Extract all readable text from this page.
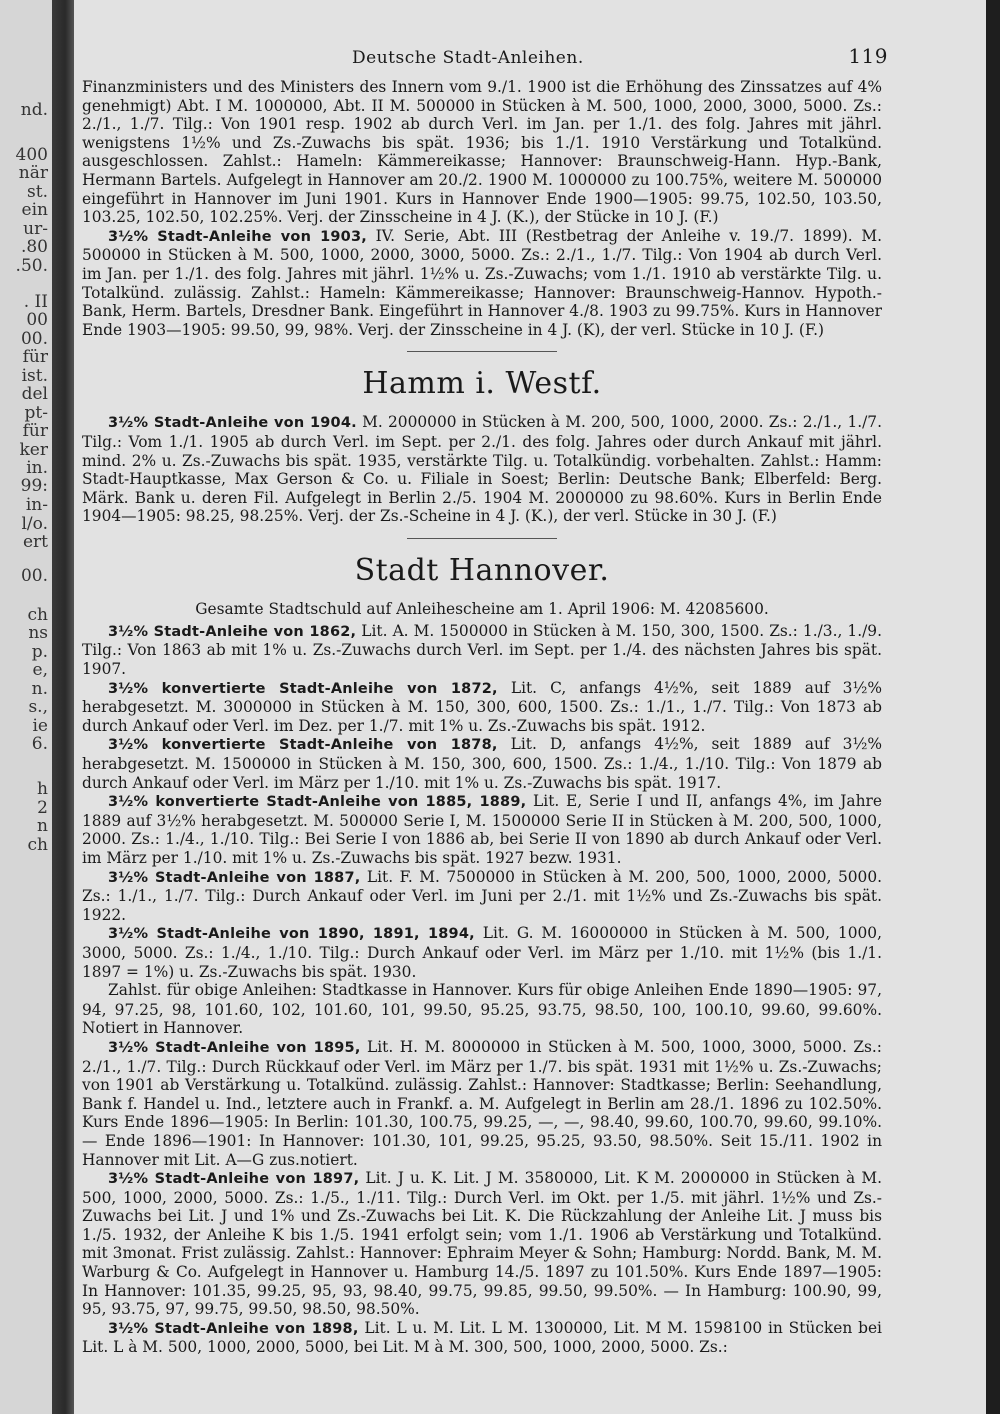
nd.
400
när
st.
ein
ur-
.80
.50.
. II
00
00.
für
ist.
del
pt-
für
ker
in.
99:
in-
l/o.
ert
00.
ch
ns
p.
e,
n.
s.,
ie
6.
h
2
n
ch
Deutsche Stadt-Anleihen.	119

Finanzministers und des Ministers des Innern vom 9./1. 1900 ist die Erhöhung des Zinssatzes auf 4% genehmigt) Abt. I M. 1000000, Abt. II M. 500000 in Stücken à M. 500, 1000, 2000, 3000, 5000. Zs.: 2./1., 1./7. Tilg.: Von 1901 resp. 1902 ab durch Verl. im Jan. per 1./1. des folg. Jahres mit jährl. wenigstens 1½% und Zs.-Zuwachs bis spät. 1936; bis 1./1. 1910 Verstärkung und Totalkünd. ausgeschlossen. Zahlst.: Hameln: Kämmereikasse; Hannover: Braunschweig-Hann. Hyp.-Bank, Hermann Bartels. Aufgelegt in Hannover am 20./2. 1900 M. 1000000 zu 100.75%, weitere M. 500000 eingeführt in Hannover im Juni 1901. Kurs in Hannover Ende 1900—1905: 99.75, 102.50, 103.50, 103.25, 102.50, 102.25%. Verj. der Zinsscheine in 4 J. (K.), der Stücke in 10 J. (F.)

3½% Stadt-Anleihe von 1903, IV. Serie, Abt. III (Restbetrag der Anleihe v. 19./7. 1899). M. 500000 in Stücken à M. 500, 1000, 2000, 3000, 5000. Zs.: 2./1., 1./7. Tilg.: Von 1904 ab durch Verl. im Jan. per 1./1. des folg. Jahres mit jährl. 1½% u. Zs.-Zuwachs; vom 1./1. 1910 ab verstärkte Tilg. u. Totalkünd. zulässig. Zahlst.: Hameln: Kämmereikasse; Hannover: Braunschweig-Hannov. Hypoth.-Bank, Herm. Bartels, Dresdner Bank. Eingeführt in Hannover 4./8. 1903 zu 99.75%. Kurs in Hannover Ende 1903—1905: 99.50, 99, 98%. Verj. der Zinsscheine in 4 J. (K), der verl. Stücke in 10 J. (F.)

Hamm i. Westf.

3½% Stadt-Anleihe von 1904. M. 2000000 in Stücken à M. 200, 500, 1000, 2000. Zs.: 2./1., 1./7. Tilg.: Vom 1./1. 1905 ab durch Verl. im Sept. per 2./1. des folg. Jahres oder durch Ankauf mit jährl. mind. 2% u. Zs.-Zuwachs bis spät. 1935, verstärkte Tilg. u. Totalkündig. vorbehalten. Zahlst.: Hamm: Stadt-Hauptkasse, Max Gerson & Co. u. Filiale in Soest; Berlin: Deutsche Bank; Elberfeld: Berg. Märk. Bank u. deren Fil. Aufgelegt in Berlin 2./5. 1904 M. 2000000 zu 98.60%. Kurs in Berlin Ende 1904—1905: 98.25, 98.25%. Verj. der Zs.-Scheine in 4 J. (K.), der verl. Stücke in 30 J. (F.)

Stadt Hannover.
Gesamte Stadtschuld auf Anleihescheine am 1. April 1906: M. 42085600.

3½% Stadt-Anleihe von 1862, Lit. A. M. 1500000 in Stücken à M. 150, 300, 1500. Zs.: 1./3., 1./9. Tilg.: Von 1863 ab mit 1% u. Zs.-Zuwachs durch Verl. im Sept. per 1./4. des nächsten Jahres bis spät. 1907.

3½% konvertierte Stadt-Anleihe von 1872, Lit. C, anfangs 4½%, seit 1889 auf 3½% herabgesetzt. M. 3000000 in Stücken à M. 150, 300, 600, 1500. Zs.: 1./1., 1./7. Tilg.: Von 1873 ab durch Ankauf oder Verl. im Dez. per 1./7. mit 1% u. Zs.-Zuwachs bis spät. 1912.

3½% konvertierte Stadt-Anleihe von 1878, Lit. D, anfangs 4½%, seit 1889 auf 3½% herabgesetzt. M. 1500000 in Stücken à M. 150, 300, 600, 1500. Zs.: 1./4., 1./10. Tilg.: Von 1879 ab durch Ankauf oder Verl. im März per 1./10. mit 1% u. Zs.-Zuwachs bis spät. 1917.

3½% konvertierte Stadt-Anleihe von 1885, 1889, Lit. E, Serie I und II, anfangs 4%, im Jahre 1889 auf 3½% herabgesetzt. M. 500000 Serie I, M. 1500000 Serie II in Stücken à M. 200, 500, 1000, 2000. Zs.: 1./4., 1./10. Tilg.: Bei Serie I von 1886 ab, bei Serie II von 1890 ab durch Ankauf oder Verl. im März per 1./10. mit 1% u. Zs.-Zuwachs bis spät. 1927 bezw. 1931.

3½% Stadt-Anleihe von 1887, Lit. F. M. 7500000 in Stücken à M. 200, 500, 1000, 2000, 5000. Zs.: 1./1., 1./7. Tilg.: Durch Ankauf oder Verl. im Juni per 2./1. mit 1½% und Zs.-Zuwachs bis spät. 1922.

3½% Stadt-Anleihe von 1890, 1891, 1894, Lit. G. M. 16000000 in Stücken à M. 500, 1000, 3000, 5000. Zs.: 1./4., 1./10. Tilg.: Durch Ankauf oder Verl. im März per 1./10. mit 1½% (bis 1./1. 1897 = 1%) u. Zs.-Zuwachs bis spät. 1930.

Zahlst. für obige Anleihen: Stadtkasse in Hannover. Kurs für obige Anleihen Ende 1890—1905: 97, 94, 97.25, 98, 101.60, 102, 101.60, 101, 99.50, 95.25, 93.75, 98.50, 100, 100.10, 99.60, 99.60%. Notiert in Hannover.

3½% Stadt-Anleihe von 1895, Lit. H. M. 8000000 in Stücken à M. 500, 1000, 3000, 5000. Zs.: 2./1., 1./7. Tilg.: Durch Rückkauf oder Verl. im März per 1./7. bis spät. 1931 mit 1½% u. Zs.-Zuwachs; von 1901 ab Verstärkung u. Totalkünd. zulässig. Zahlst.: Hannover: Stadtkasse; Berlin: Seehandlung, Bank f. Handel u. Ind., letztere auch in Frankf. a. M. Aufgelegt in Berlin am 28./1. 1896 zu 102.50%. Kurs Ende 1896—1905: In Berlin: 101.30, 100.75, 99.25, —, —, 98.40, 99.60, 100.70, 99.60, 99.10%. — Ende 1896—1901: In Hannover: 101.30, 101, 99.25, 95.25, 93.50, 98.50%. Seit 15./11. 1902 in Hannover mit Lit. A—G zus.notiert.

3½% Stadt-Anleihe von 1897, Lit. J u. K. Lit. J M. 3580000, Lit. K M. 2000000 in Stücken à M. 500, 1000, 2000, 5000. Zs.: 1./5., 1./11. Tilg.: Durch Verl. im Okt. per 1./5. mit jährl. 1½% und Zs.-Zuwachs bei Lit. J und 1% und Zs.-Zuwachs bei Lit. K. Die Rückzahlung der Anleihe Lit. J muss bis 1./5. 1932, der Anleihe K bis 1./5. 1941 erfolgt sein; vom 1./1. 1906 ab Verstärkung und Totalkünd. mit 3monat. Frist zulässig. Zahlst.: Hannover: Ephraim Meyer & Sohn; Hamburg: Nordd. Bank, M. M. Warburg & Co. Aufgelegt in Hannover u. Hamburg 14./5. 1897 zu 101.50%. Kurs Ende 1897—1905: In Hannover: 101.35, 99.25, 95, 93, 98.40, 99.75, 99.85, 99.50, 99.50%. — In Hamburg: 100.90, 99, 95, 93.75, 97, 99.75, 99.50, 98.50, 98.50%.

3½% Stadt-Anleihe von 1898, Lit. L u. M. Lit. L M. 1300000, Lit. M M. 1598100 in Stücken bei Lit. L à M. 500, 1000, 2000, 5000, bei Lit. M à M. 300, 500, 1000, 2000, 5000. Zs.:
